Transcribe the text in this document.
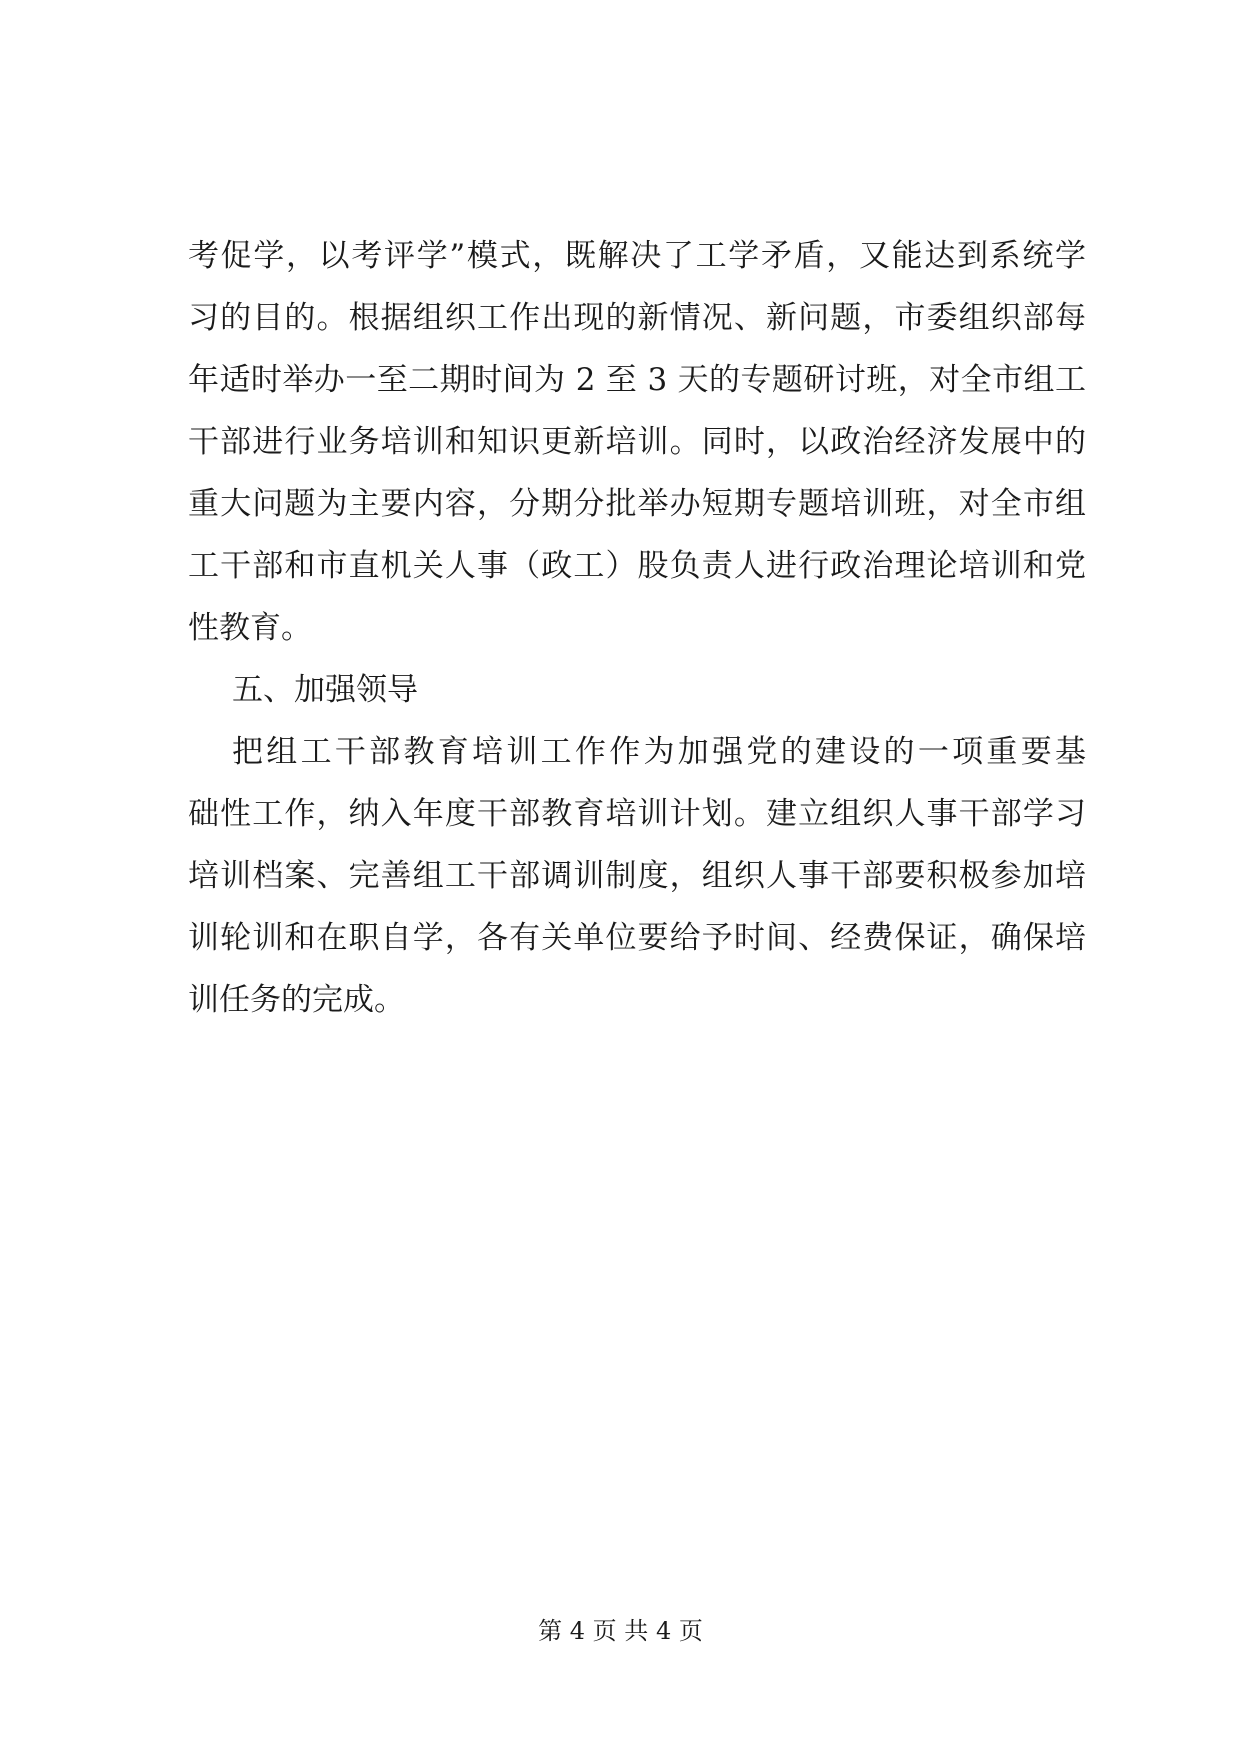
考促学，以考评学”模式，既解决了工学矛盾，又能达到系统学
习的目的。根据组织工作出现的新情况、新问题，市委组织部每
年适时举办一至二期时间为 2 至 3 天的专题研讨班，对全市组工
干部进行业务培训和知识更新培训。同时，以政治经济发展中的
重大问题为主要内容，分期分批举办短期专题培训班，对全市组
工干部和市直机关人事（政工）股负责人进行政治理论培训和党
性教育。
五、加强领导
把组工干部教育培训工作作为加强党的建设的一项重要基
础性工作，纳入年度干部教育培训计划。建立组织人事干部学习
培训档案、完善组工干部调训制度，组织人事干部要积极参加培
训轮训和在职自学，各有关单位要给予时间、经费保证，确保培
训任务的完成。
第 4 页 共 4 页
